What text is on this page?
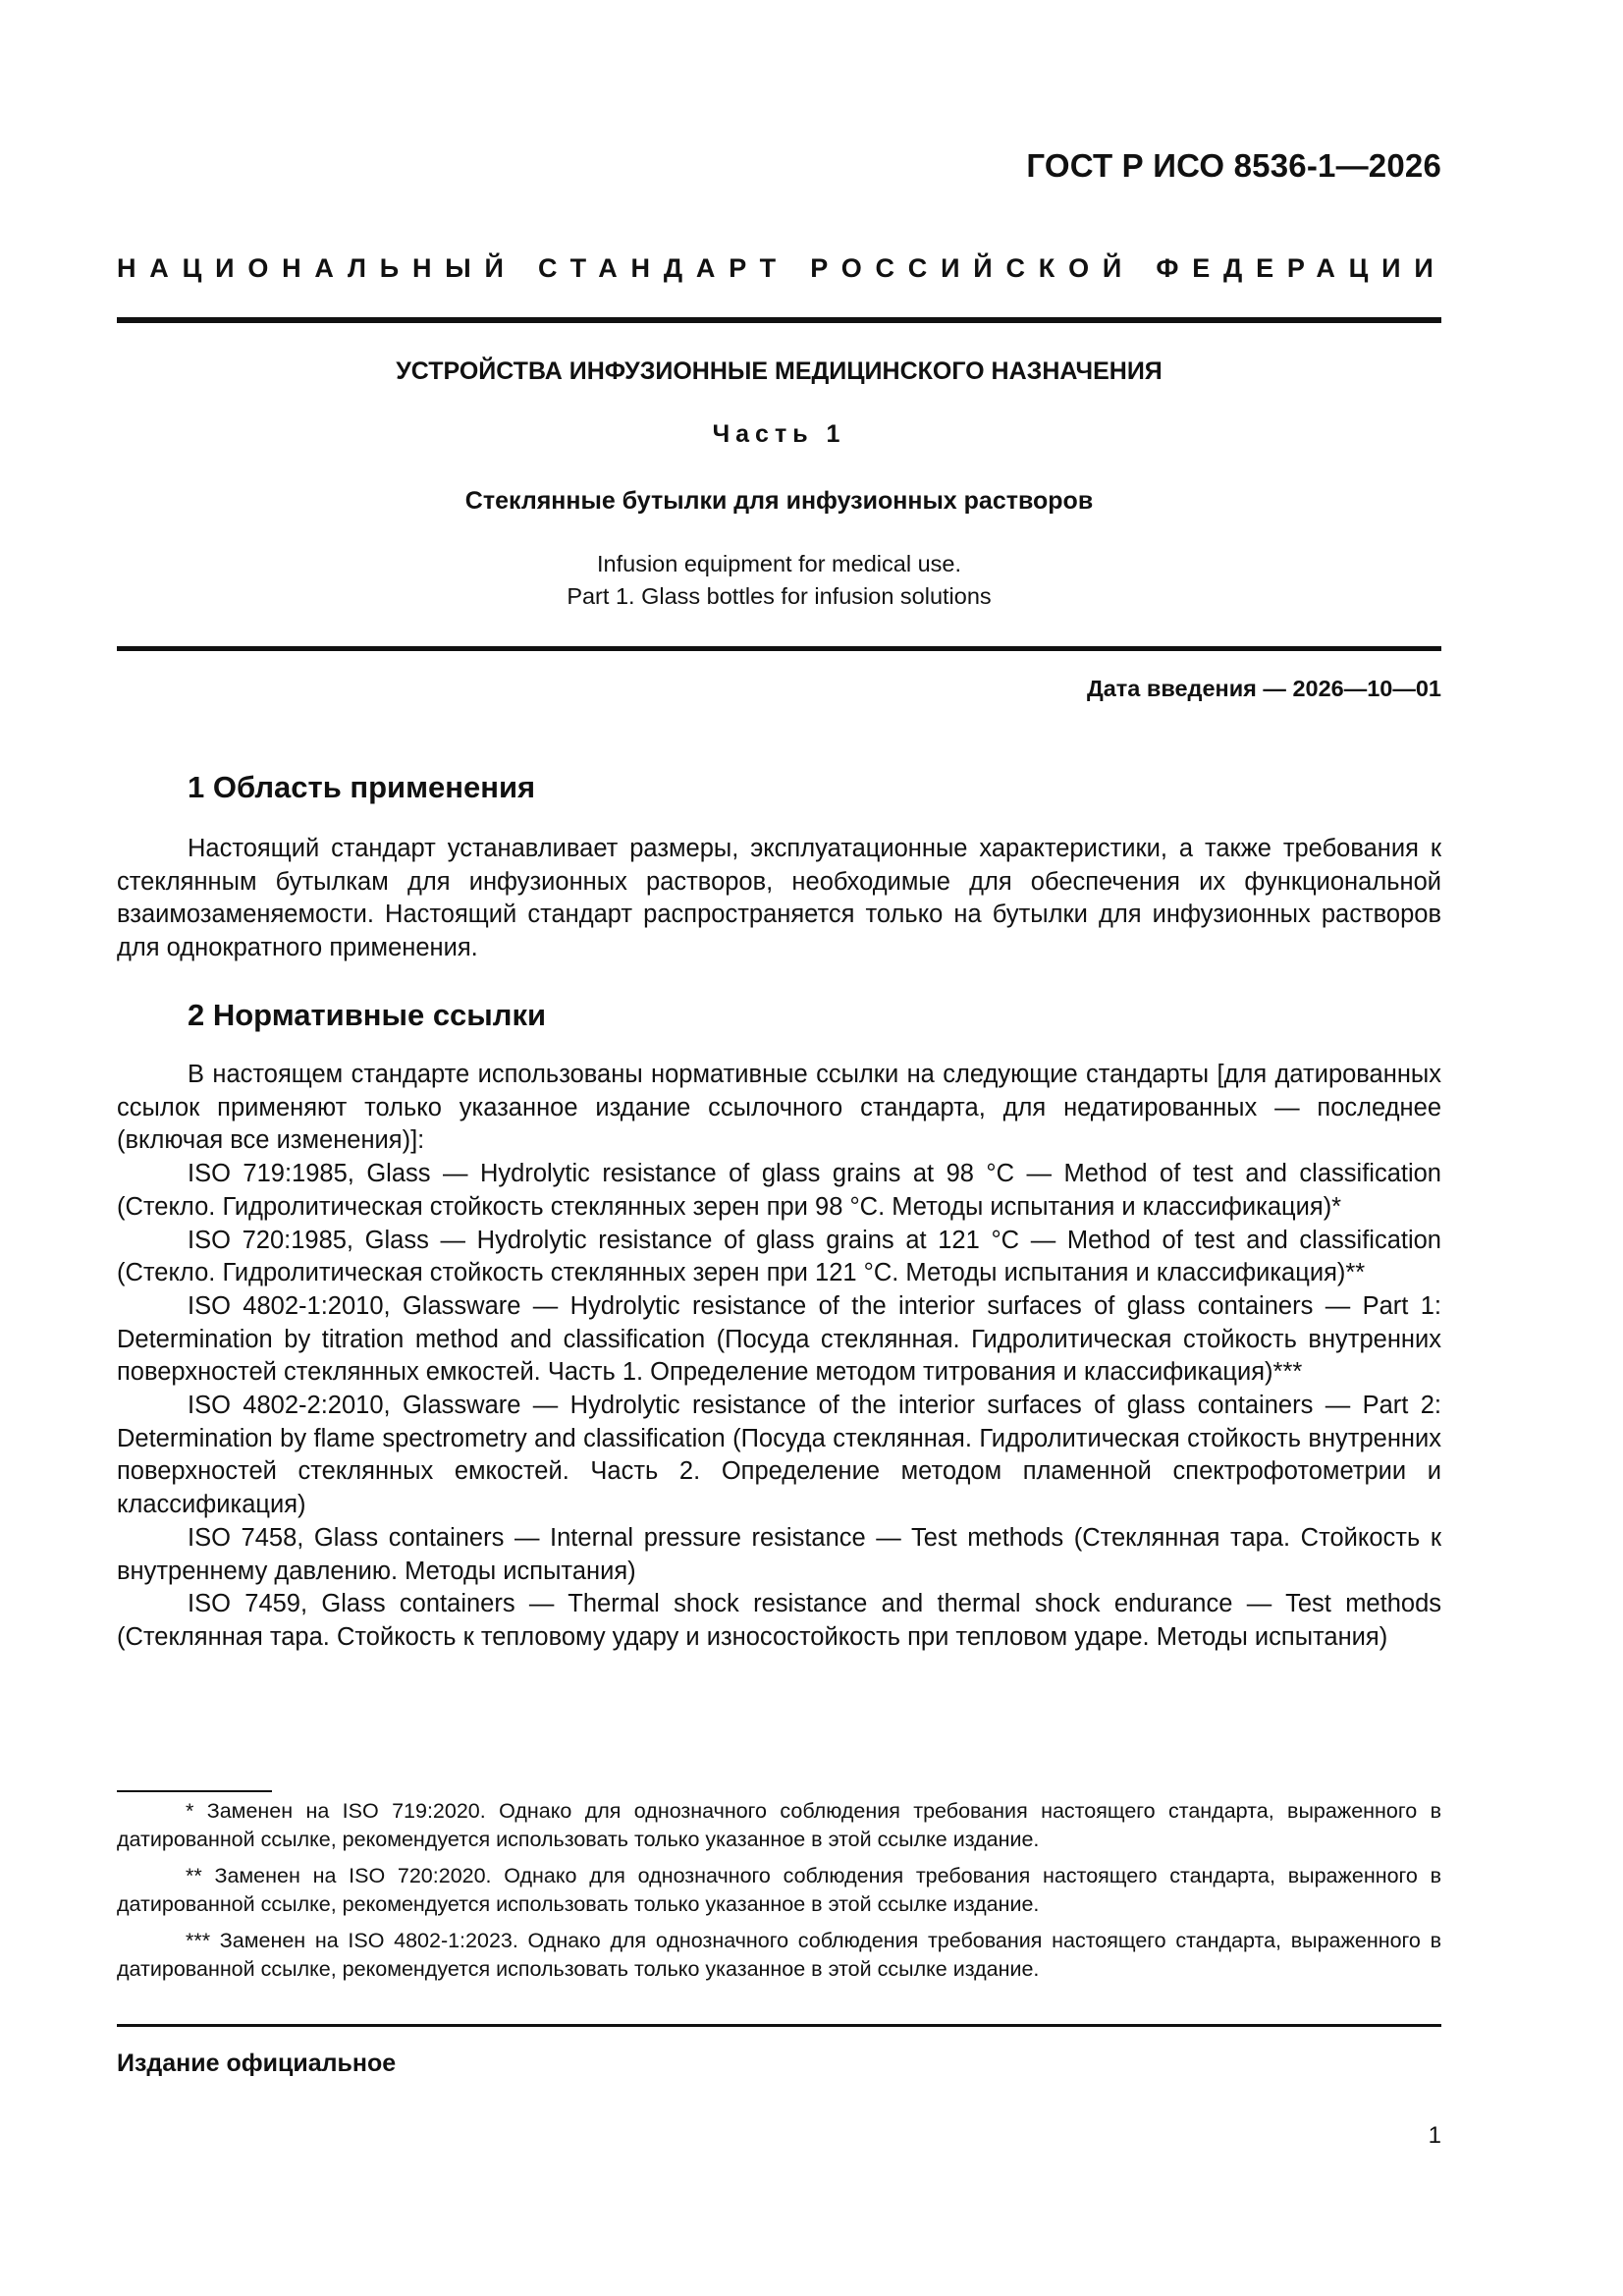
ГОСТ Р ИСО 8536-1—2026
НАЦИОНАЛЬНЫЙ СТАНДАРТ РОССИЙСКОЙ ФЕДЕРАЦИИ
УСТРОЙСТВА ИНФУЗИОННЫЕ МЕДИЦИНСКОГО НАЗНАЧЕНИЯ
Часть 1
Стеклянные бутылки для инфузионных растворов
Infusion equipment for medical use.
Part 1. Glass bottles for infusion solutions
Дата введения — 2026—10—01
1 Область применения

Настоящий стандарт устанавливает размеры, эксплуатационные характеристики, а также требования к стеклянным бутылкам для инфузионных растворов, необходимые для обеспечения их функциональной взаимозаменяемости. Настоящий стандарт распространяется только на бутылки для инфузионных растворов для однократного применения.

2 Нормативные ссылки

В настоящем стандарте использованы нормативные ссылки на следующие стандарты [для датированных ссылок применяют только указанное издание ссылочного стандарта, для недатированных — последнее (включая все изменения)]:

ISO 719:1985, Glass — Hydrolytic resistance of glass grains at 98 °C — Method of test and classification (Стекло. Гидролитическая стойкость стеклянных зерен при 98 °С. Методы испытания и классификация)*

ISO 720:1985, Glass — Hydrolytic resistance of glass grains at 121 °C — Method of test and classification (Стекло. Гидролитическая стойкость стеклянных зерен при 121 °С. Методы испытания и классификация)**

ISO 4802-1:2010, Glassware — Hydrolytic resistance of the interior surfaces of glass containers — Part 1: Determination by titration method and classification (Посуда стеклянная. Гидролитическая стойкость внутренних поверхностей стеклянных емкостей. Часть 1. Определение методом титрования и классификация)***

ISO 4802-2:2010, Glassware — Hydrolytic resistance of the interior surfaces of glass containers — Part 2: Determination by flame spectrometry and classification (Посуда стеклянная. Гидролитическая стойкость внутренних поверхностей стеклянных емкостей. Часть 2. Определение методом пламенной спектрофотометрии и классификация)

ISO 7458, Glass containers — Internal pressure resistance — Test methods (Стеклянная тара. Стойкость к внутреннему давлению. Методы испытания)

ISO 7459, Glass containers — Thermal shock resistance and thermal shock endurance — Test methods (Стеклянная тара. Стойкость к тепловому удару и износостойкость при тепловом ударе. Методы испытания)

* Заменен на ISO 719:2020. Однако для однозначного соблюдения требования настоящего стандарта, выраженного в датированной ссылке, рекомендуется использовать только указанное в этой ссылке издание.

** Заменен на ISO 720:2020. Однако для однозначного соблюдения требования настоящего стандарта, выраженного в датированной ссылке, рекомендуется использовать только указанное в этой ссылке издание.

*** Заменен на ISO 4802-1:2023. Однако для однозначного соблюдения требования настоящего стандарта, выраженного в датированной ссылке, рекомендуется использовать только указанное в этой ссылке издание.

Издание официальное
1
